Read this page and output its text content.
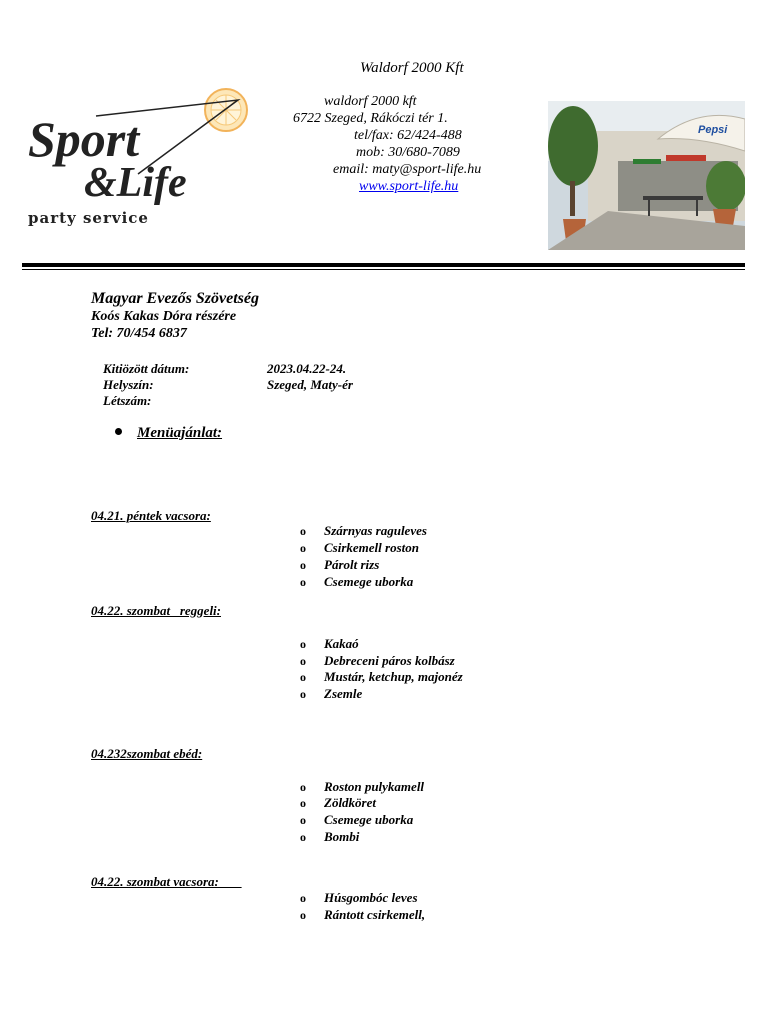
Waldorf 2000 Kft
waldorf 2000 kft
6722 Szeged, Rákóczi tér 1.
tel/fax: 62/424-488
mob: 30/680-7089
email: maty@sport-life.hu
www.sport-life.hu
Sport
&Life
party service
Pepsi
Magyar Evezős Szövetség
Koós Kakas Dóra részére
Tel: 70/454 6837
Kitiözött dátum:	2023.04.22-24.
Helyszín:	Szeged, Maty-ér
Létszám:
Menüajánlat:
04.21. péntek vacsora:
o Szárnyas raguleves
o Csirkemell roston
o Párolt rizs
o Csemege uborka
04.22. szombat   reggeli:
o Kakaó
o Debreceni páros kolbász
o Mustár, ketchup, majonéz
o Zsemle
04.232szombat ebéd:
o Roston pulykamell
o Zöldköret
o Csemege uborka
o Bombi
04.22. szombat vacsora:
o Húsgombóc leves
o Rántott csirkemell,
